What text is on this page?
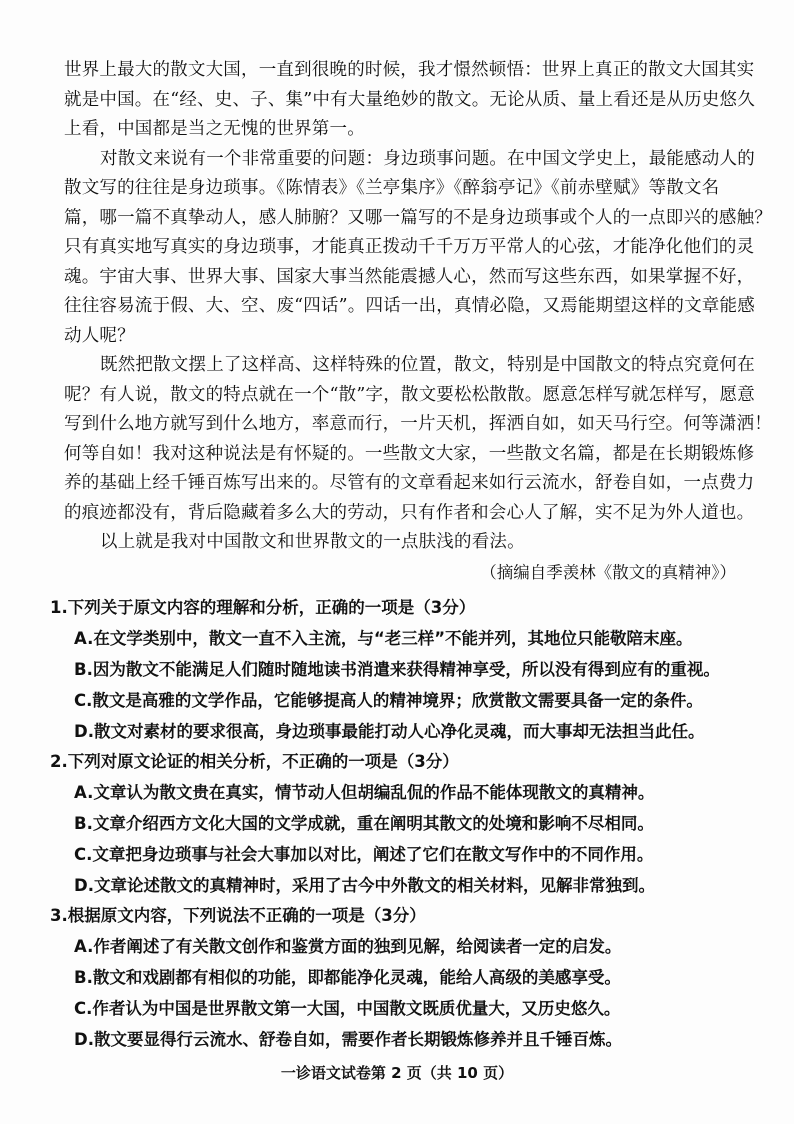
世界上最大的散文大国，一直到很晚的时候，我才憬然顿悟：世界上真正的散文大国其实
就是中国。在“经、史、子、集”中有大量绝妙的散文。无论从质、量上看还是从历史悠久
上看，中国都是当之无愧的世界第一。
对散文来说有一个非常重要的问题：身边琐事问题。在中国文学史上，最能感动人的
散文写的往往是身边琐事。《陈情表》《兰亭集序》《醉翁亭记》《前赤壁赋》等散文名
篇，哪一篇不真挚动人，感人肺腑？又哪一篇写的不是身边琐事或个人的一点即兴的感触？
只有真实地写真实的身边琐事，才能真正拨动千千万万平常人的心弦，才能净化他们的灵
魂。宇宙大事、世界大事、国家大事当然能震撼人心，然而写这些东西，如果掌握不好，
往往容易流于假、大、空、废“四话”。四话一出，真情必隐，又焉能期望这样的文章能感
动人呢？
既然把散文摆上了这样高、这样特殊的位置，散文，特别是中国散文的特点究竟何在
呢？有人说，散文的特点就在一个“散”字，散文要松松散散。愿意怎样写就怎样写，愿意
写到什么地方就写到什么地方，率意而行，一片天机，挥洒自如，如天马行空。何等潇洒！
何等自如！我对这种说法是有怀疑的。一些散文大家，一些散文名篇，都是在长期锻炼修
养的基础上经千锤百炼写出来的。尽管有的文章看起来如行云流水，舒卷自如，一点费力
的痕迹都没有，背后隐藏着多么大的劳动，只有作者和会心人了解，实不足为外人道也。
以上就是我对中国散文和世界散文的一点肤浅的看法。
（摘编自季羡林《散文的真精神》）
1.下列关于原文内容的理解和分析，正确的一项是（3分）
A.在文学类别中，散文一直不入主流，与“老三样”不能并列，其地位只能敬陪末座。
B.因为散文不能满足人们随时随地读书消遣来获得精神享受，所以没有得到应有的重视。
C.散文是高雅的文学作品，它能够提高人的精神境界；欣赏散文需要具备一定的条件。
D.散文对素材的要求很高，身边琐事最能打动人心净化灵魂，而大事却无法担当此任。
2.下列对原文论证的相关分析，不正确的一项是（3分）
A.文章认为散文贵在真实，情节动人但胡编乱侃的作品不能体现散文的真精神。
B.文章介绍西方文化大国的文学成就，重在阐明其散文的处境和影响不尽相同。
C.文章把身边琐事与社会大事加以对比，阐述了它们在散文写作中的不同作用。
D.文章论述散文的真精神时，采用了古今中外散文的相关材料，见解非常独到。
3.根据原文内容，下列说法不正确的一项是（3分）
A.作者阐述了有关散文创作和鉴赏方面的独到见解，给阅读者一定的启发。
B.散文和戏剧都有相似的功能，即都能净化灵魂，能给人高级的美感享受。
C.作者认为中国是世界散文第一大国，中国散文既质优量大，又历史悠久。
D.散文要显得行云流水、舒卷自如，需要作者长期锻炼修养并且千锤百炼。
一诊语文试卷第 2 页（共 10 页）
